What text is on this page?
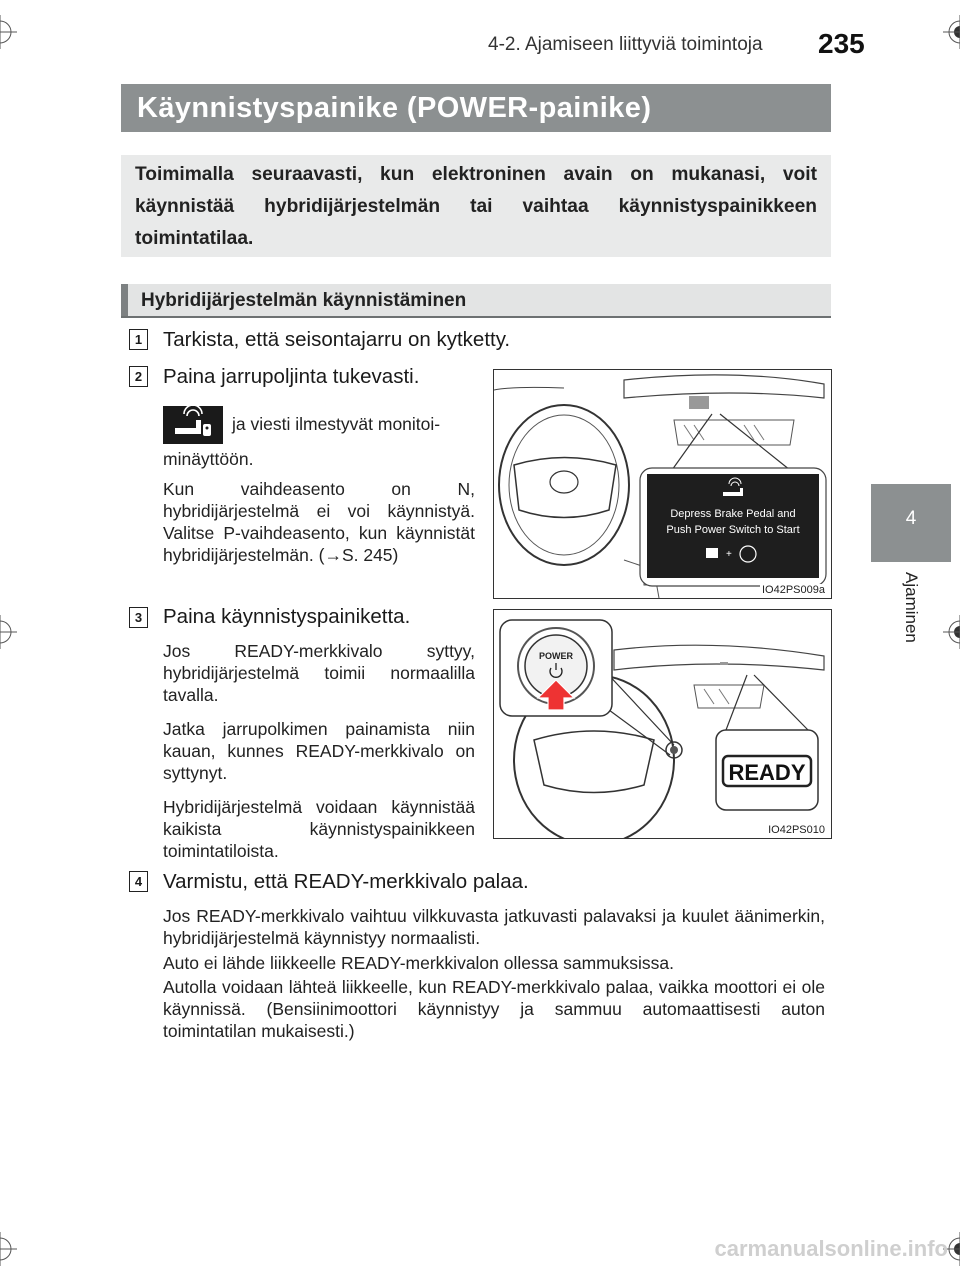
4-2. Ajamiseen liittyviä toimintoja 235
Käynnistyspainike (POWER-painike)
Toimimalla seuraavasti, kun elektroninen avain on mukanasi, voit käynnistää hybridijärjestelmän tai vaihtaa käynnistyspainikkeen toimintatilaa.
Hybridijärjestelmän käynnistäminen
4
Ajaminen
1 Tarkista, että seisontajarru on kytketty.
2 Paina jarrupoljinta tukevasti.
ja viesti ilmestyvät monitoi-
minäyttöön.
Kun vaihdeasento on N, hybridijärjestelmä ei voi käynnistyä. Valitse P-vaihdeasento, kun käynnistät hybridijärjestelmän. (→S. 245)
Depress Brake Pedal and
Push Power Switch to Start
+
IO42PS009a
3 Paina käynnistyspainiketta.
Jos READY-merkkivalo syttyy, hybridijärjestelmä toimii normaalilla tavalla.
Jatka jarrupolkimen painamista niin kauan, kunnes READY-merkkivalo on syttynyt.
Hybridijärjestelmä voidaan käynnistää kaikista käynnistyspainikkeen toimintatiloista.
POWER
READY
IO42PS010
4 Varmistu, että READY-merkkivalo palaa.
Jos READY-merkkivalo vaihtuu vilkkuvasta jatkuvasti palavaksi ja kuulet äänimerkin, hybridijärjestelmä käynnistyy normaalisti.
Auto ei lähde liikkeelle READY-merkkivalon ollessa sammuksissa.
Autolla voidaan lähteä liikkeelle, kun READY-merkkivalo palaa, vaikka moottori ei ole käynnissä. (Bensiinimoottori käynnistyy ja sammuu automaattisesti auton toimintatilan mukaisesti.)
carmanualsonline.info
